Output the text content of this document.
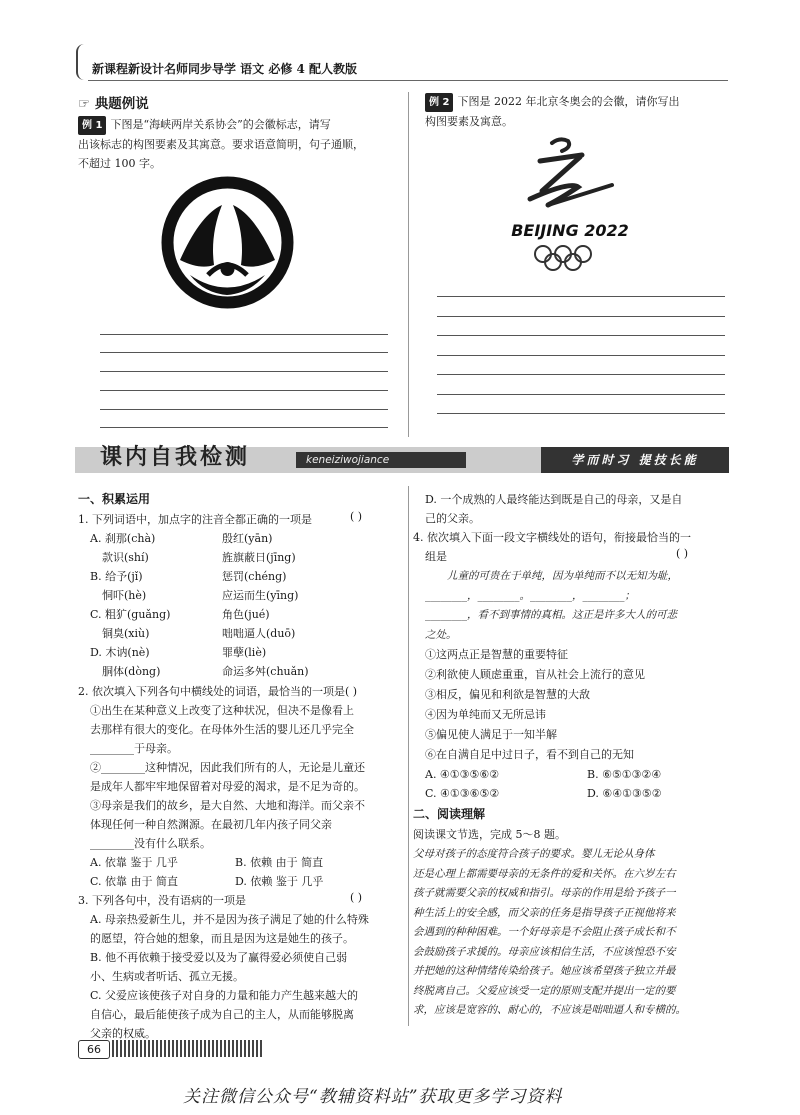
新课程新设计名师同步导学 语文 必修 4 配人教版
☞ 典题例说
例 1 下图是“海峡两岸关系协会”的会徽标志，请写
出该标志的构图要素及其寓意。要求语意简明，句子通顺，
不超过 100 字。
例 2 下图是 2022 年北京冬奥会的会徽，请你写出
构图要素及寓意。
BEIJING 2022
课内自我检测	keneiziwojiance	学而时习 提技长能
一、积累运用
1. 下列词语中，加点字的注音全都正确的一项是	( )
A. 刹那(chà)	殷红(yān)
款识(shí)	旌旗蔽日(jīng)
B. 给予(jǐ)	惩罚(chéng)
恫吓(hè)	应运而生(yīng)
C. 粗犷(guǎng)	角色(jué)
铜臭(xiù)	咄咄逼人(duō)
D. 木讷(nè)	罪孽(liè)
胴体(dòng)	命运多舛(chuǎn)
2. 依次填入下列各句中横线处的词语，最恰当的一项是( )
①出生在某种意义上改变了这种状况，但决不是像看上
去那样有很大的变化。在母体外生活的婴儿还几乎完全
________于母亲。
②________这种情况，因此我们所有的人，无论是儿童还
是成年人都牢牢地保留着对母爱的渴求，是不足为奇的。
③母亲是我们的故乡，是大自然、大地和海洋。而父亲不
体现任何一种自然渊源。在最初几年内孩子同父亲
________没有什么联系。
A. 依靠 鉴于 几乎	B. 依赖 由于 简直
C. 依靠 由于 简直	D. 依赖 鉴于 几乎
3. 下列各句中，没有语病的一项是	( )
A. 母亲热爱新生儿，并不是因为孩子满足了她的什么特殊
的愿望，符合她的想象，而且是因为这是她生的孩子。
B. 他不再依赖于接受爱以及为了赢得爱必须使自己弱
小、生病或者听话、孤立无援。
C. 父爱应该使孩子对自身的力量和能力产生越来越大的
自信心，最后能使孩子成为自己的主人，从而能够脱离
父亲的权威。
D. 一个成熟的人最终能达到既是自己的母亲，又是自
己的父亲。
4. 依次填入下面一段文字横线处的语句，衔接最恰当的一
组是	( )
儿童的可贵在于单纯，因为单纯而不以无知为耻，
________，________。________，________；
________，看不到事情的真相。这正是许多大人的可悲
之处。
①这两点正是智慧的重要特征
②利欲使人顾虑重重，盲从社会上流行的意见
③相反，偏见和利欲是智慧的大敌
④因为单纯而又无所忌讳
⑤偏见使人满足于一知半解
⑥在自满自足中过日子，看不到自己的无知
A. ④①③⑤⑥②	B. ⑥⑤①③②④
C. ④①③⑥⑤②	D. ⑥④①③⑤②
二、阅读理解
阅读课文节选，完成 5～8 题。
父母对孩子的态度符合孩子的要求。婴儿无论从身体
还是心理上都需要母亲的无条件的爱和关怀。在六岁左右
孩子就需要父亲的权威和指引。母亲的作用是给予孩子一
种生活上的安全感，而父亲的任务是指导孩子正视他将来
会遇到的种种困难。一个好母亲是不会阻止孩子成长和不
会鼓励孩子求援的。母亲应该相信生活，不应该惶恐不安
并把她的这种情绪传染给孩子。她应该希望孩子独立并最
终脱离自己。父爱应该受一定的原则支配并提出一定的要
求，应该是宽容的、耐心的，不应该是咄咄逼人和专横的。
66
关注微信公众号“教辅资料站”获取更多学习资料
